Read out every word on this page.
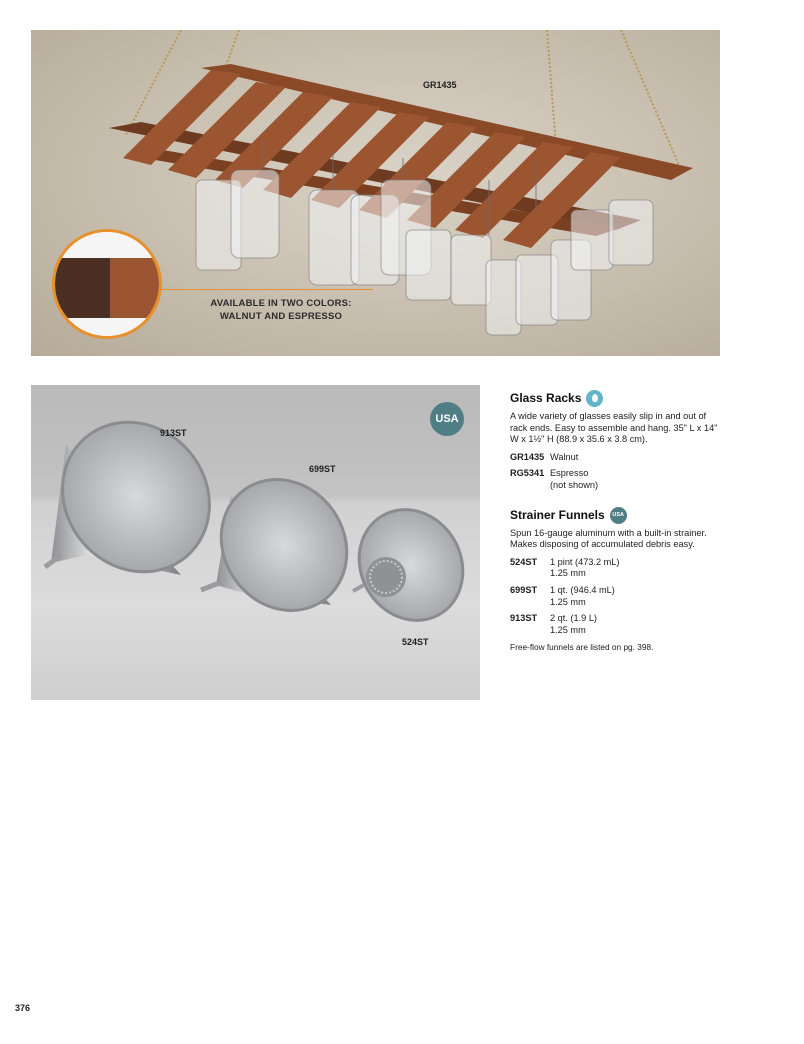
GR1435
AVAILABLE IN TWO COLORS:
WALNUT AND ESPRESSO
913ST
699ST
524ST
USA
Glass Racks

A wide variety of glasses easily slip in and out of rack ends. Easy to assemble and hang. 35" L x 14" W x 1½" H (88.9 x 35.6 x 3.8 cm).

GR1435 Walnut
RG5341 Espresso
(not shown)
Strainer Funnels	USA

Spun 16-gauge aluminum with a built-in strainer. Makes disposing of accumulated debris easy.

524ST	1 pint (473.2 mL)
1.25 mm
699ST	1 qt. (946.4 mL)
1.25 mm
913ST	2 qt. (1.9 L)
1.25 mm
Free-flow funnels are listed on pg. 398.
376
